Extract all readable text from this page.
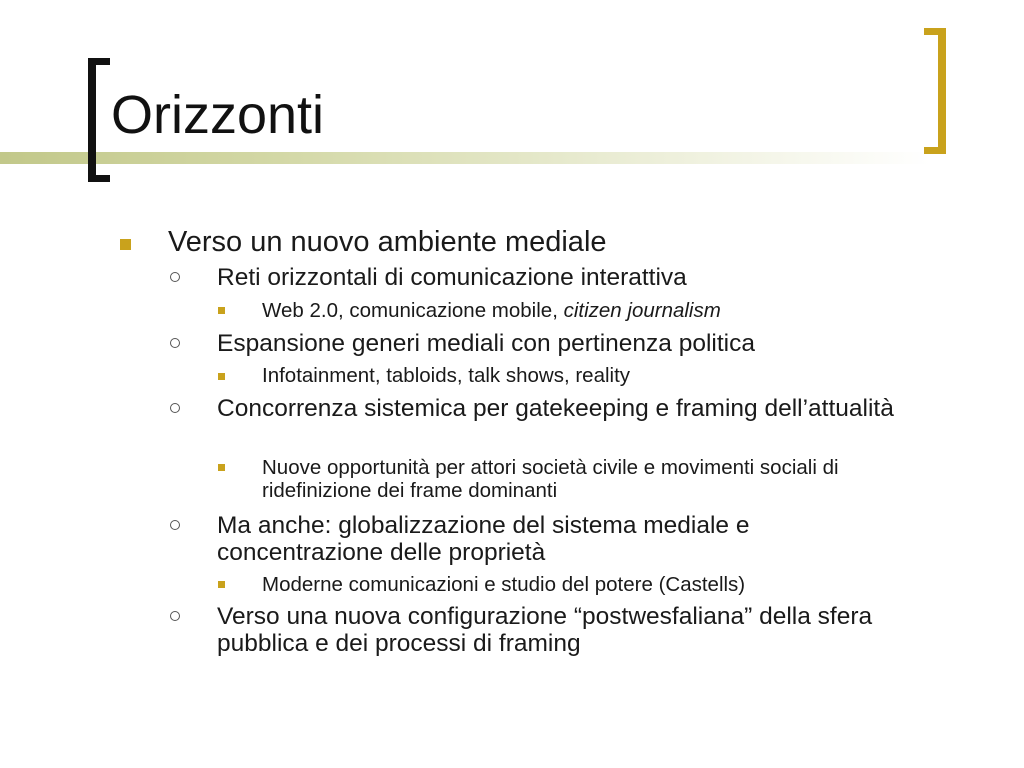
Orizzonti
Verso un nuovo ambiente mediale
Reti orizzontali di comunicazione interattiva
Web 2.0, comunicazione mobile, citizen journalism
Espansione generi mediali con pertinenza politica
Infotainment, tabloids, talk shows, reality
Concorrenza sistemica per gatekeeping e framing dell’attualità
Nuove opportunità per attori società civile e movimenti sociali di ridefinizione dei frame dominanti
Ma anche: globalizzazione del sistema mediale e concentrazione delle proprietà
Moderne comunicazioni e studio del potere (Castells)
Verso una nuova configurazione “postwesfaliana” della sfera pubblica e dei processi di framing
